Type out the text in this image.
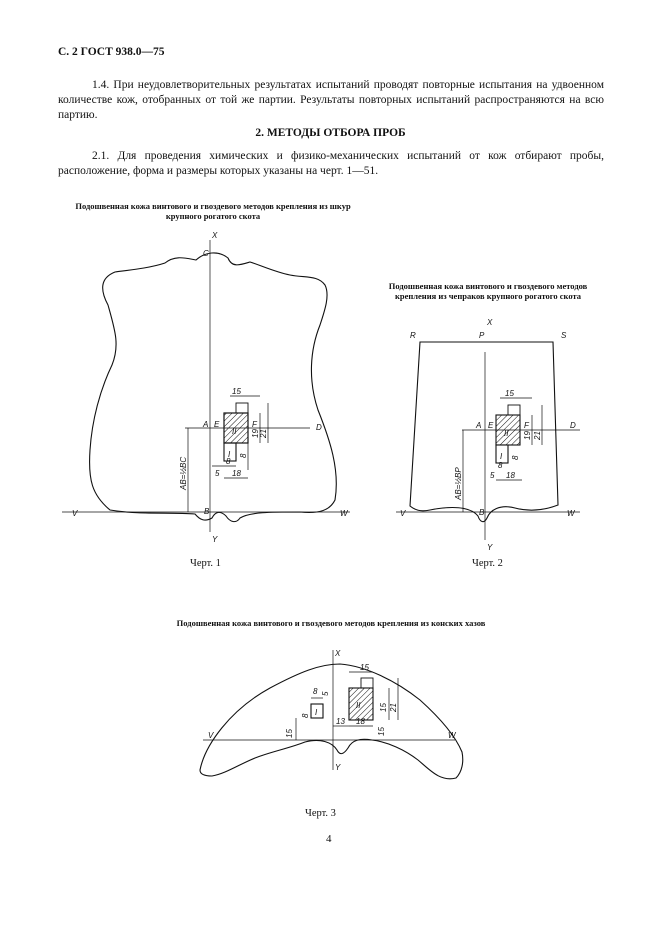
С. 2 ГОСТ 938.0—75
1.4. При неудовлетворительных результатах испытаний проводят повторные испытания на удвоенном количестве кож, отобранных от той же партии. Результаты повторных испытаний распространяются на всю партию.
2. МЕТОДЫ ОТБОРА ПРОБ
2.1. Для проведения химических и физико-механических испытаний от кож отбирают пробы, расположение, форма и размеры которых указаны на черт. 1—51.
Подошвенная кожа винтового и гвоздевого методов крепления из шкур крупного рогатого скота
Подошвенная кожа винтового и гвоздевого методов крепления из чепраков крупного рогатого скота
Подошвенная кожа винтового и гвоздевого методов крепления из конских хазов
X
C
A E	F	D
V	B	W
Y
AB=½BC
I
II
15
19 21
8
8
5 18
R	P	S
X
A E	F	D
V	B	W
Y
AB=½BP
I
II
15
19 21
8
8
5 18
X
V	W
Y
I
II
15
8 5
8
15 21
13 18
15
15
Черт. 1	Черт. 2
Черт. 3
4
